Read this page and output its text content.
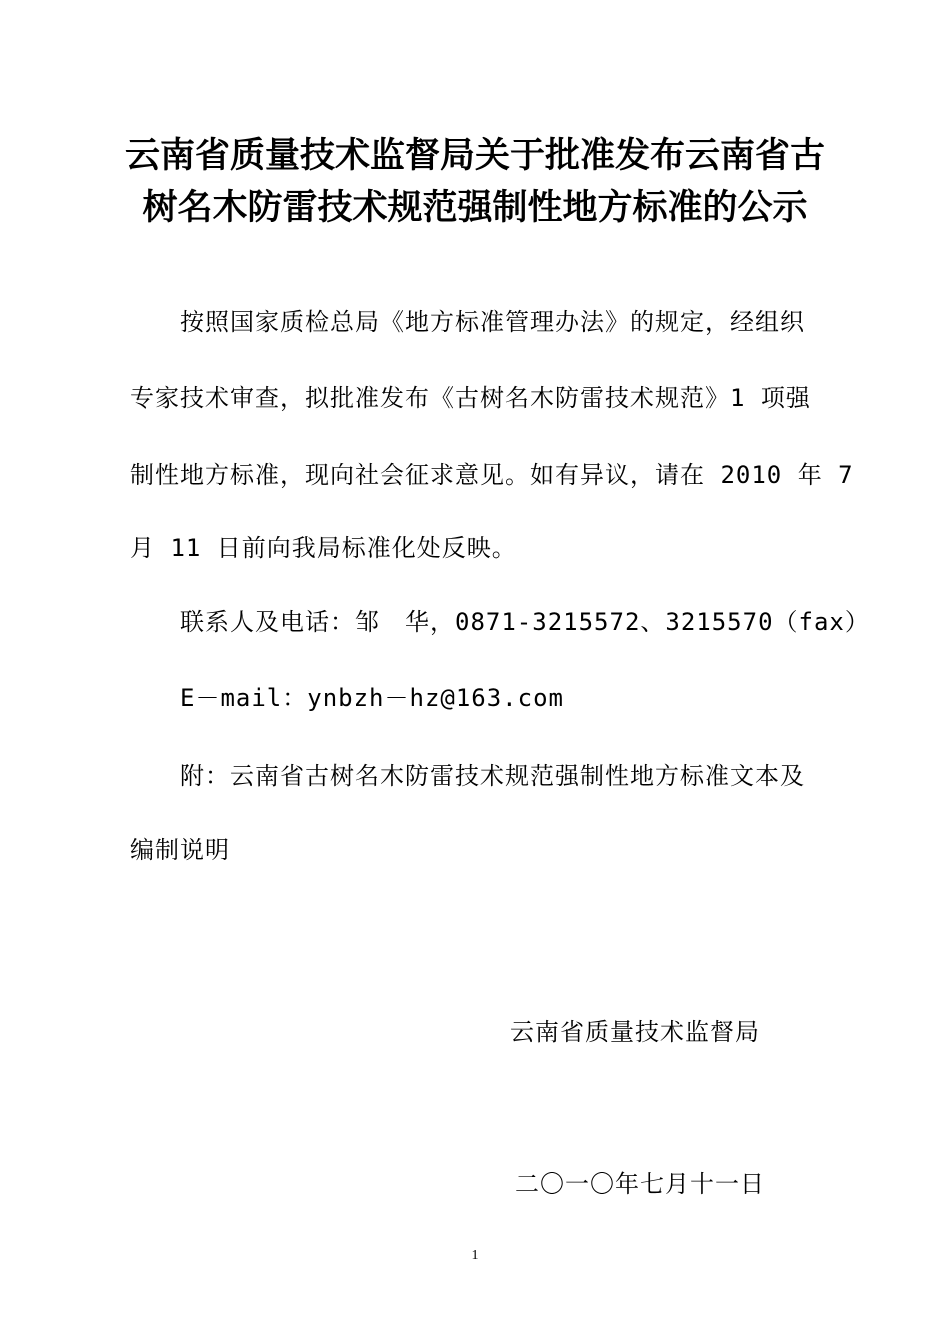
云南省质量技术监督局关于批准发布云南省古
树名木防雷技术规范强制性地方标准的公示
按照国家质检总局《地方标准管理办法》的规定，经组织
专家技术审查，拟批准发布《古树名木防雷技术规范》1 项强
制性地方标准，现向社会征求意见。如有异议，请在 2010 年 7
月 11 日前向我局标准化处反映。
联系人及电话：邹　华，0871-3215572、3215570（fax）
E－mail：ynbzh－hz@163.com
附：云南省古树名木防雷技术规范强制性地方标准文本及
编制说明
云南省质量技术监督局
二〇一〇年七月十一日
1
